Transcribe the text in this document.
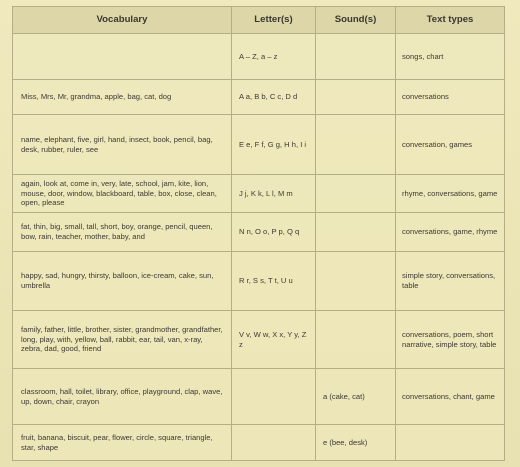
Vocabulary	Letter(s)	Sound(s)	Text types
	A – Z, a – z		songs, chart
Miss, Mrs, Mr, grandma, apple, bag, cat, dog	A a, B b, C c, D d		conversations
name, elephant, five, girl, hand, insect, book, pencil, bag, desk, rubber, ruler, see	E e, F f, G g, H h, I i		conversation, games
again, look at, come in, very, late, school, jam, kite, lion, mouse, door, window, blackboard, table, box, close, clean, open, please	J j, K k, L l, M m		rhyme, conversations, game
fat, thin, big, small, tall, short, boy, orange, pencil, queen, bow, rain, teacher, mother, baby, and	N n, O o, P p, Q q		conversations, game, rhyme
happy, sad, hungry, thirsty, balloon, ice-cream, cake, sun, umbrella	R r, S s, T t, U u		simple story, conversations, table
family, father, little, brother, sister, grandmother, grandfather, long, play, with, yellow, ball, rabbit, ear, tail, van, x-ray, zebra, dad, good, friend	V v, W w, X x, Y y, Z z		conversations, poem, short narrative, simple story, table
classroom, hall, toilet, library, office, playground, clap, wave, up, down, chair, crayon		a (cake, cat)	conversations, chant, game
fruit, banana, biscuit, pear, flower, circle, square, triangle, star, shape		e (bee, desk)	
